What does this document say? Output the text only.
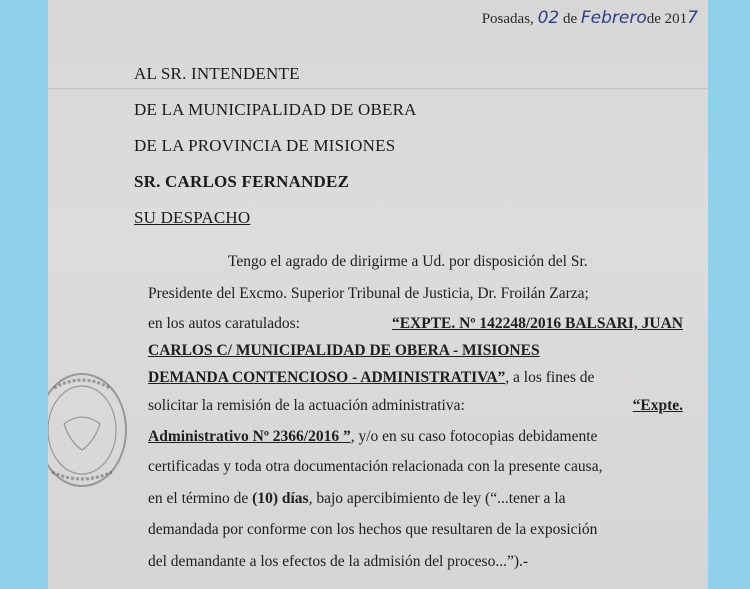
Posadas, 02 de Febrerode 2017
AL SR. INTENDENTE
DE LA MUNICIPALIDAD DE OBERA
DE LA PROVINCIA DE MISIONES
SR. CARLOS FERNANDEZ
SU DESPACHO
Tengo el agrado de dirigirme a Ud. por disposición del Sr.
Presidente del Excmo. Superior Tribunal de Justicia, Dr. Froilán Zarza;
en los autos caratulados:	“EXPTE. Nº 142248/2016 BALSARI, JUAN
CARLOS C/ MUNICIPALIDAD DE OBERA - MISIONES
DEMANDA CONTENCIOSO - ADMINISTRATIVA”, a los fines de
solicitar la remisión de la actuación administrativa:	“Expte.
Administrativo Nº 2366/2016 ”, y/o en su caso fotocopias debidamente
certificadas y toda otra documentación relacionada con la presente causa,
en el término de
(10) días , bajo apercibimiento de ley (“...tener a la
demandada por conforme con los hechos que resultaren de la exposición
del demandante a los efectos de la admisión del proceso...”).-
